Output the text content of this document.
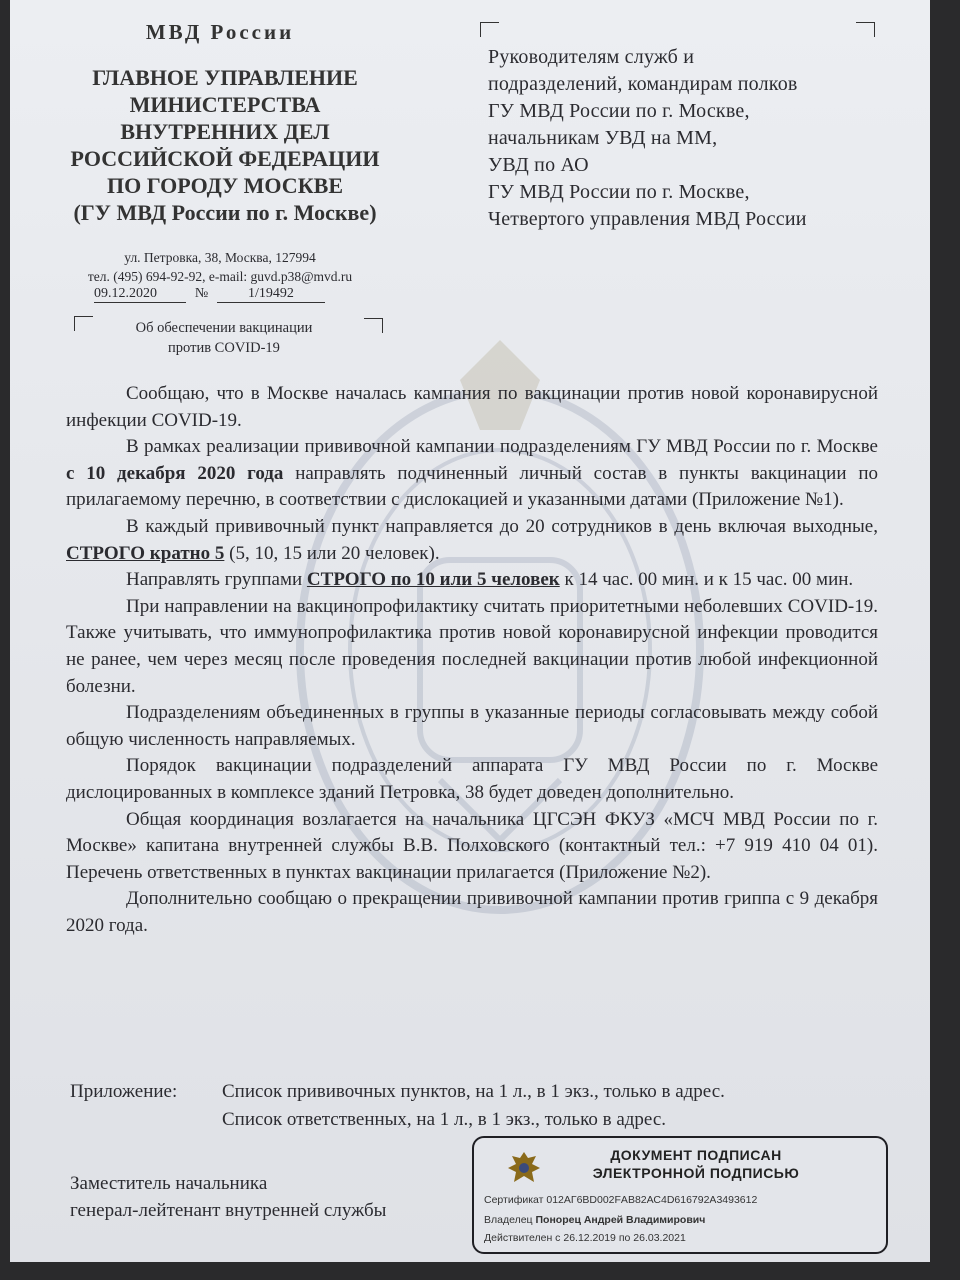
МВД России
ГЛАВНОЕ УПРАВЛЕНИЕ
МИНИСТЕРСТВА
ВНУТРЕННИХ ДЕЛ
РОССИЙСКОЙ ФЕДЕРАЦИИ
ПО ГОРОДУ МОСКВЕ
(ГУ МВД России по г. Москве)
ул. Петровка, 38, Москва, 127994
тел. (495) 694-92-92, e-mail: guvd.p38@mvd.ru
09.12.2020	№	1/19492
Об обеспечении вакцинации
против COVID-19
Руководителям служб и
подразделений, командирам полков
ГУ МВД России по г. Москве,
начальникам УВД на ММ,
УВД по АО
ГУ МВД России по г. Москве,
Четвертого управления МВД России

Сообщаю, что в Москве началась кампания по вакцинации против новой коронавирусной инфекции COVID-19.

В рамках реализации прививочной кампании подразделениям ГУ МВД России по г. Москве с 10 декабря 2020 года направлять подчиненный личный состав в пункты вакцинации по прилагаемому перечню, в соответствии с дислокацией и указанными датами (Приложение №1).

В каждый прививочный пункт направляется до 20 сотрудников в день включая выходные, СТРОГО кратно 5 (5, 10, 15 или 20 человек).

Направлять группами СТРОГО по 10 или 5 человек к 14 час. 00 мин. и к 15 час. 00 мин.

При направлении на вакцинопрофилактику считать приоритетными неболевших COVID-19. Также учитывать, что иммунопрофилактика против новой коронавирусной инфекции проводится не ранее, чем через месяц после проведения последней вакцинации против любой инфекционной болезни.

Подразделениям объединенных в группы в указанные периоды согласовывать между собой общую численность направляемых.

Порядок вакцинации подразделений аппарата ГУ МВД России по г. Москве дислоцированных в комплексе зданий Петровка, 38 будет доведен дополнительно.

Общая координация возлагается на начальника ЦГСЭН ФКУЗ «МСЧ МВД России по г. Москве» капитана внутренней службы В.В. Полховского (контактный тел.: +7 919 410 04 01). Перечень ответственных в пунктах вакцинации прилагается (Приложение №2).

Дополнительно сообщаю о прекращении прививочной кампании против гриппа с 9 декабря 2020 года.

Приложение: Список прививочных пунктов, на 1 л., в 1 экз., только в адрес.
Список ответственных, на 1 л., в 1 экз., только в адрес.
Заместитель начальника
генерал-лейтенант внутренней службы
ДОКУМЕНТ ПОДПИСАН
ЭЛЕКТРОННОЙ ПОДПИСЬЮ
Сертификат 012АГ6ВD002FАВ82АС4D616792А3493612
Владелец Понорец Андрей Владимирович
Действителен с 26.12.2019 по 26.03.2021
